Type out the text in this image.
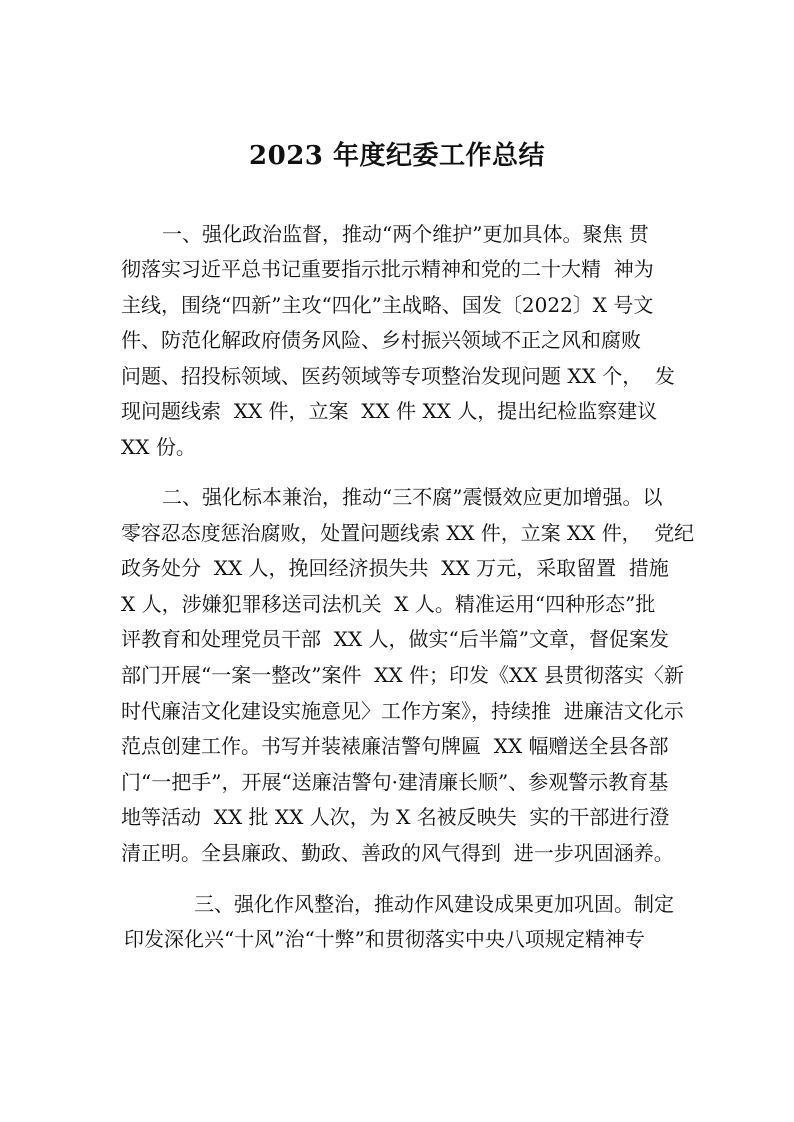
2023 年度纪委工作总结

一、强化政治监督，推动“两个维护”更加具体。聚焦 贯

彻落实习近平总书记重要指示批示精神和党的二十大精  神为

主线，围绕“四新”主攻“四化”主战略、国发〔2022〕X 号文

件、防范化解政府债务风险、乡村振兴领域不正之风和腐败

问题、招投标领域、医药领域等专项整治发现问题 XX 个，  发

现问题线索  XX 件，立案  XX 件 XX 人，提出纪检监察建议

XX 份。

二、强化标本兼治，推动“三不腐”震慑效应更加增强。以

零容忍态度惩治腐败，处置问题线索 XX 件，立案 XX 件，  党纪

政务处分  XX 人，挽回经济损失共  XX 万元，采取留置  措施

X 人，涉嫌犯罪移送司法机关  X 人。精准运用“四种形态”批

评教育和处理党员干部  XX 人，做实“后半篇”文章，督促案发

部门开展“一案一整改”案件  XX 件；印发《XX 县贯彻落实〈新

时代廉洁文化建设实施意见〉工作方案》，持续推  进廉洁文化示

范点创建工作。书写并装裱廉洁警句牌匾  XX 幅赠送全县各部

门“一把手”，开展“送廉洁警句·建清廉长顺”、参观警示教育基

地等活动  XX 批 XX 人次，为 X 名被反映失  实的干部进行澄

清正明。全县廉政、勤政、善政的风气得到  进一步巩固涵养。

三、强化作风整治，推动作风建设成果更加巩固。制定

印发深化兴“十风”治“十弊”和贯彻落实中央八项规定精神专
